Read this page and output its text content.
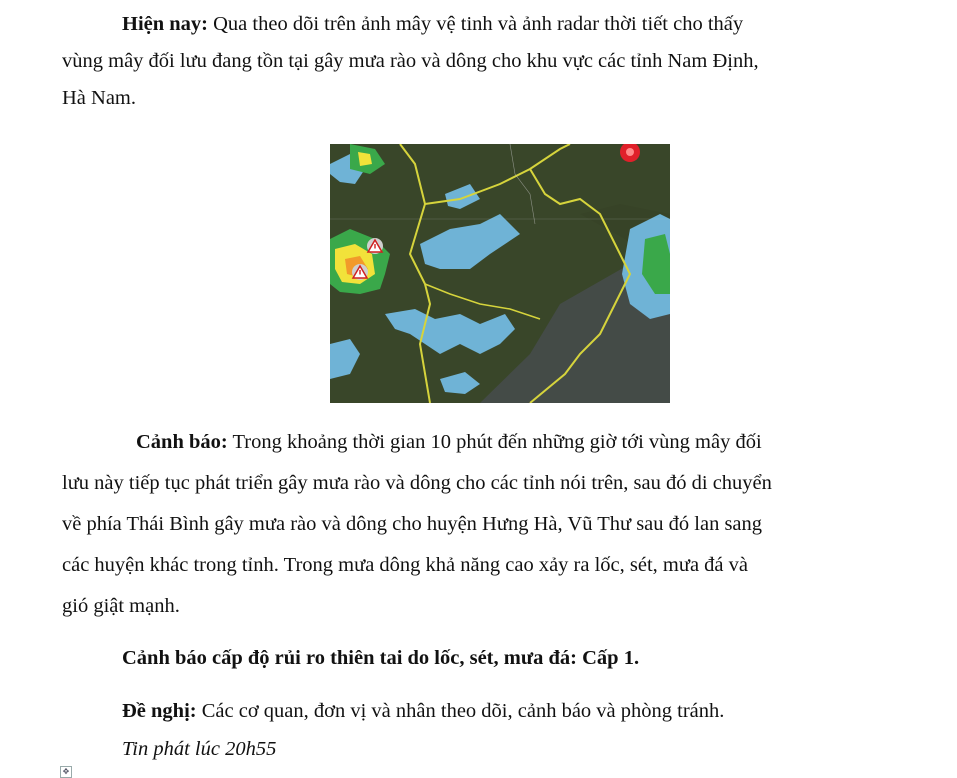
Hiện nay: Qua theo dõi trên ảnh mây vệ tinh và ảnh radar thời tiết cho thấy
vùng mây đối lưu đang tồn tại gây mưa rào và dông cho khu vực các tỉnh Nam Định,
Hà Nam.
Cảnh báo: Trong khoảng thời gian 10 phút đến những giờ tới vùng mây đối
lưu này tiếp tục phát triển gây mưa rào và dông cho các tỉnh nói trên, sau đó di chuyển
về phía Thái Bình gây mưa rào và dông cho huyện Hưng Hà, Vũ Thư sau đó lan sang
các huyện khác trong tỉnh. Trong mưa dông khả năng cao xảy ra lốc, sét, mưa đá và
gió giật mạnh.
Cảnh báo cấp độ rủi ro thiên tai do lốc, sét, mưa đá: Cấp 1.
Đề nghị: Các cơ quan, đơn vị và nhân theo dõi, cảnh báo và phòng tránh.
Tin phát lúc 20h55
✥
